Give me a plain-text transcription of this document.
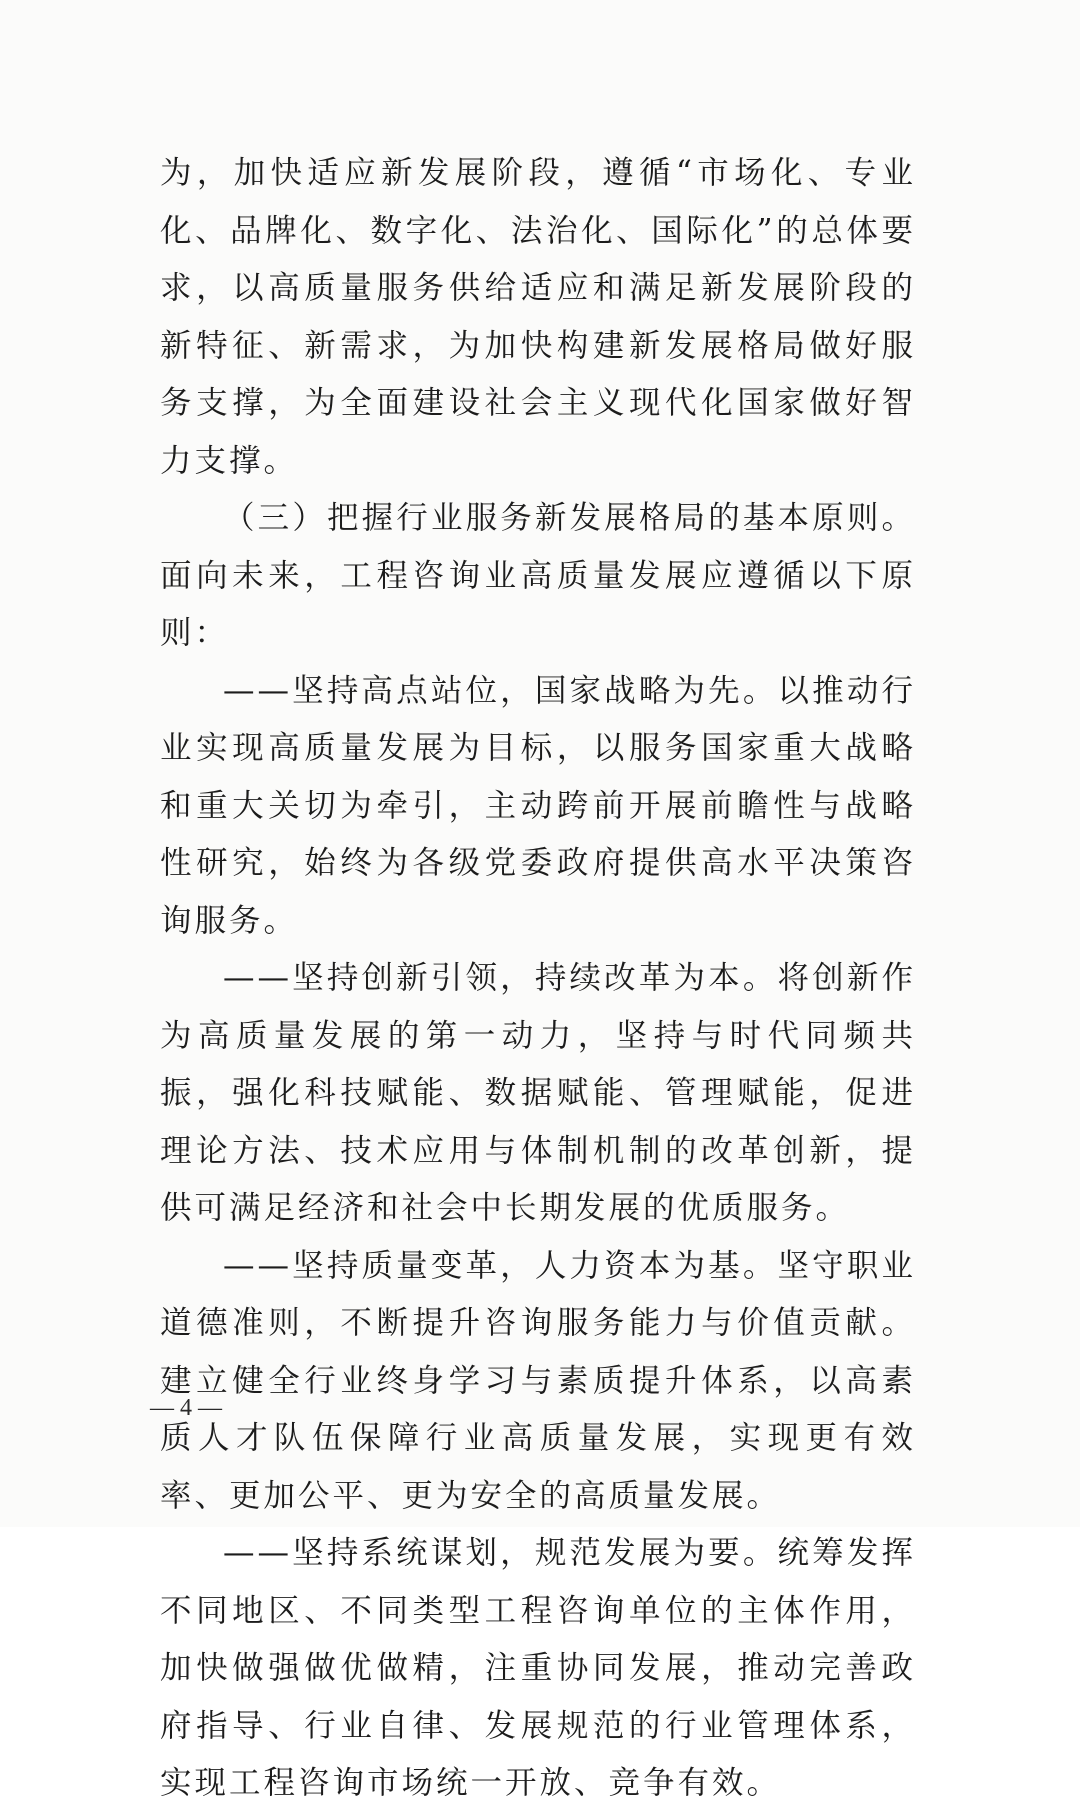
为，加快适应新发展阶段，遵循“市场化、专业化、品牌化、数字化、法治化、国际化”的总体要求，以高质量服务供给适应和满足新发展阶段的新特征、新需求，为加快构建新发展格局做好服务支撑，为全面建设社会主义现代化国家做好智力支撑。

（三）把握行业服务新发展格局的基本原则。面向未来，工程咨询业高质量发展应遵循以下原则：

——坚持高点站位，国家战略为先。以推动行业实现高质量发展为目标，以服务国家重大战略和重大关切为牵引，主动跨前开展前瞻性与战略性研究，始终为各级党委政府提供高水平决策咨询服务。

——坚持创新引领，持续改革为本。将创新作为高质量发展的第一动力，坚持与时代同频共振，强化科技赋能、数据赋能、管理赋能，促进理论方法、技术应用与体制机制的改革创新，提供可满足经济和社会中长期发展的优质服务。

——坚持质量变革，人力资本为基。坚守职业道德准则，不断提升咨询服务能力与价值贡献。建立健全行业终身学习与素质提升体系，以高素质人才队伍保障行业高质量发展，实现更有效率、更加公平、更为安全的高质量发展。

——坚持系统谋划，规范发展为要。统筹发挥不同地区、不同类型工程咨询单位的主体作用，加快做强做优做精，注重协同发展，推动完善政府指导、行业自律、发展规范的行业管理体系，实现工程咨询市场统一开放、竞争有效。

— 4 —
